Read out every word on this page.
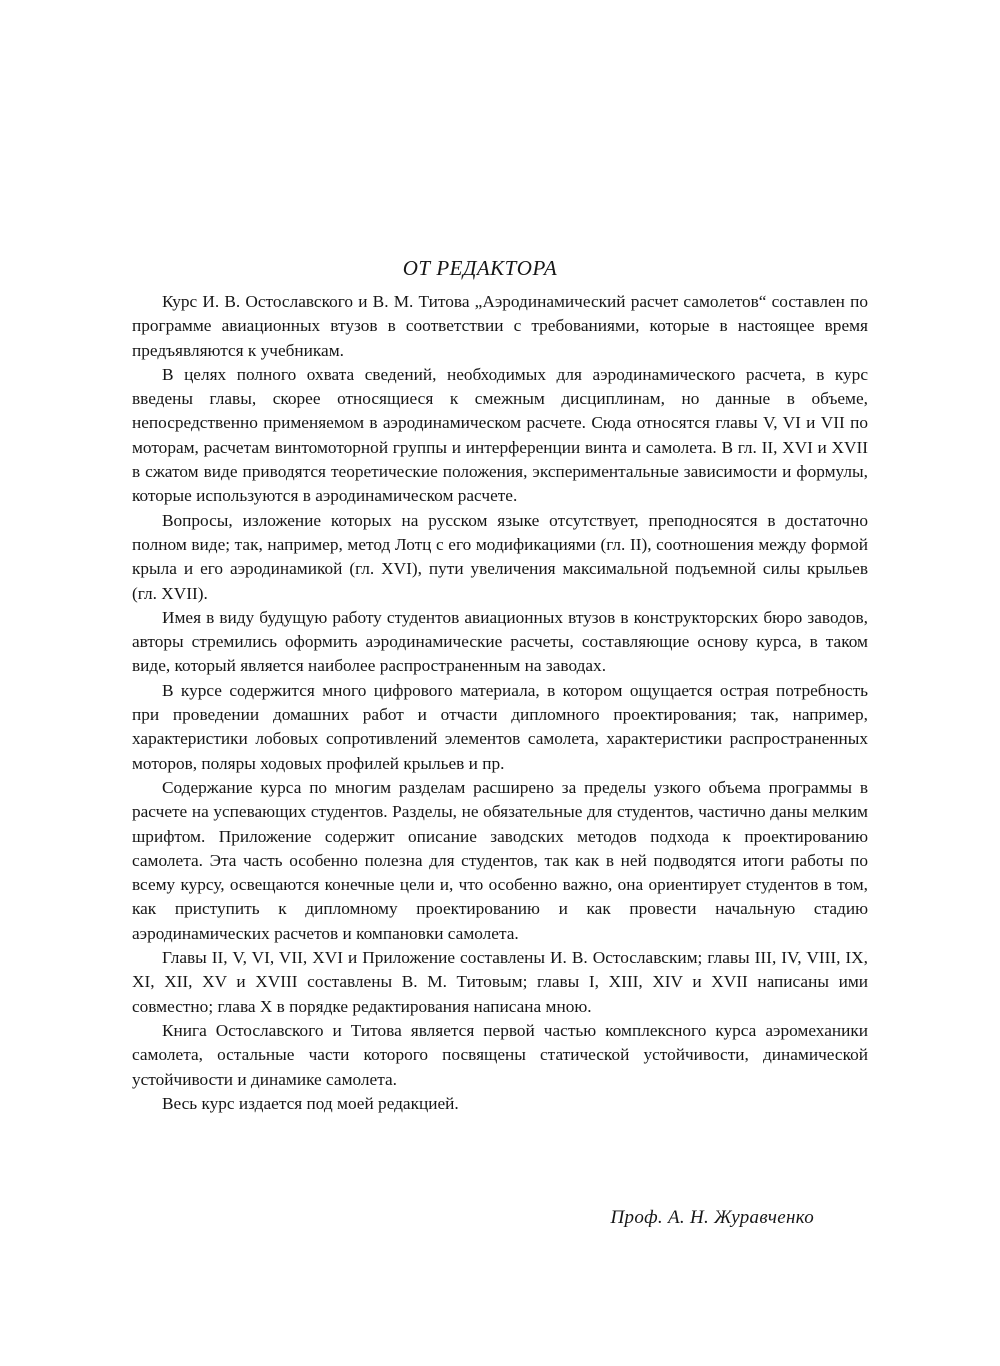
ОТ РЕДАКТОРА

Курс И. В. Остославского и В. М. Титова „Аэродинамический расчет самолетов“ составлен по программе авиационных втузов в соответствии с требованиями, которые в настоящее время предъявляются к учебникам.

В целях полного охвата сведений, необходимых для аэродинамического расчета, в курс введены главы, скорее относящиеся к смежным дисциплинам, но данные в объеме, непосредственно применяемом в аэродинамическом расчете. Сюда относятся главы V, VI и VII по моторам, расчетам винтомоторной группы и интерференции винта и самолета. В гл. II, XVI и XVII в сжатом виде приводятся теоретические положения, экспериментальные зависимости и формулы, которые используются в аэродинамическом расчете.

Вопросы, изложение которых на русском языке отсутствует, преподносятся в достаточно полном виде; так, например, метод Лотц с его модификациями (гл. II), соотношения между формой крыла и его аэродинамикой (гл. XVI), пути увеличения максимальной подъемной силы крыльев (гл. XVII).

Имея в виду будущую работу студентов авиационных втузов в конструкторских бюро заводов, авторы стремились оформить аэродинамические расчеты, составляющие основу курса, в таком виде, который является наиболее распространенным на заводах.

В курсе содержится много цифрового материала, в котором ощущается острая потребность при проведении домашних работ и отчасти дипломного проектирования; так, например, характеристики лобовых сопротивлений элементов самолета, характеристики распространенных моторов, поляры ходовых профилей крыльев и пр.

Содержание курса по многим разделам расширено за пределы узкого объема программы в расчете на успевающих студентов. Разделы, не обязательные для студентов, частично даны мелким шрифтом. Приложение содержит описание заводских методов подхода к проектированию самолета. Эта часть особенно полезна для студентов, так как в ней подводятся итоги работы по всему курсу, освещаются конечные цели и, что особенно важно, она ориентирует студентов в том, как приступить к дипломному проектированию и как провести начальную стадию аэродинамических расчетов и компановки самолета.

Главы II, V, VI, VII, XVI и Приложение составлены И. В. Остославским; главы III, IV, VIII, IX, XI, XII, XV и XVIII составлены В. М. Титовым; главы I, XIII, XIV и XVII написаны ими совместно; глава X в порядке редактирования написана мною.

Книга Остославского и Титова является первой частью комплексного курса аэромеханики самолета, остальные части которого посвящены статической устойчивости, динамической устойчивости и динамике самолета.

Весь курс издается под моей редакцией.

Проф. А. Н. Журавченко
